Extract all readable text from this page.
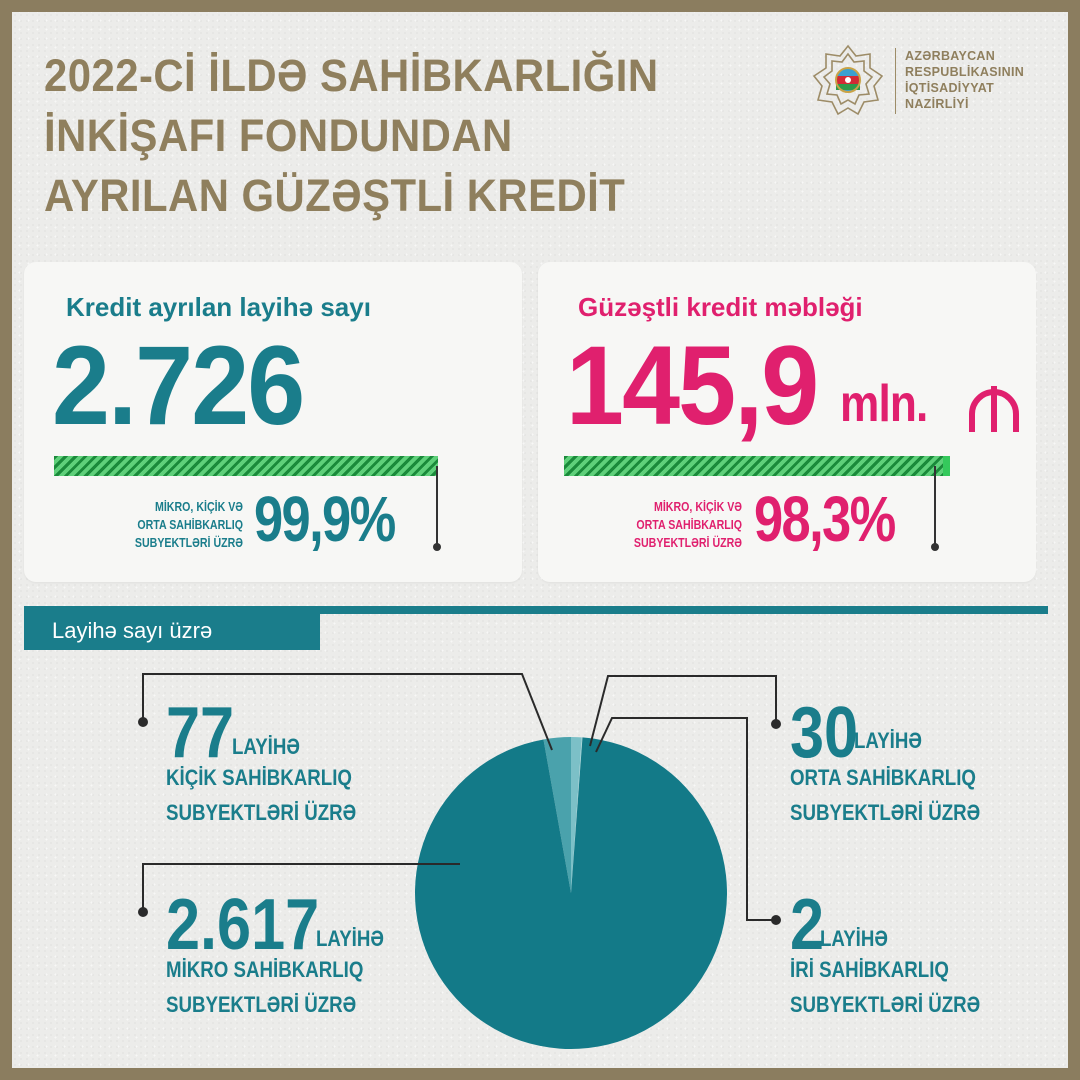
2022-Cİ İLDƏ SAHİBKARLIĞIN
İNKİŞAFI FONDUNDAN
AYRILAN GÜZƏŞTLİ KREDİT
AZƏRBAYCAN
RESPUBLİKASININ
İQTİSADİYYAT
NAZİRLİYİ
Kredit ayrılan layihə sayı
2.726
MİKRO, KİÇİK VƏ
ORTA SAHİBKARLIQ
SUBYEKTLƏRİ ÜZRƏ 99,9%
Güzəştli kredit məbləği
145,9 mln.
MİKRO, KİÇİK VƏ
ORTA SAHİBKARLIQ
SUBYEKTLƏRİ ÜZRƏ 98,3%
Layihə sayı üzrə
77
LAYİHƏ
KİÇİK SAHİBKARLIQ
SUBYEKTLƏRİ ÜZRƏ
2.617
LAYİHƏ
MİKRO SAHİBKARLIQ
SUBYEKTLƏRİ ÜZRƏ
30
LAYİHƏ
ORTA SAHİBKARLIQ
SUBYEKTLƏRİ ÜZRƏ
2
LAYİHƏ
İRİ SAHİBKARLIQ
SUBYEKTLƏRİ ÜZRƏ
